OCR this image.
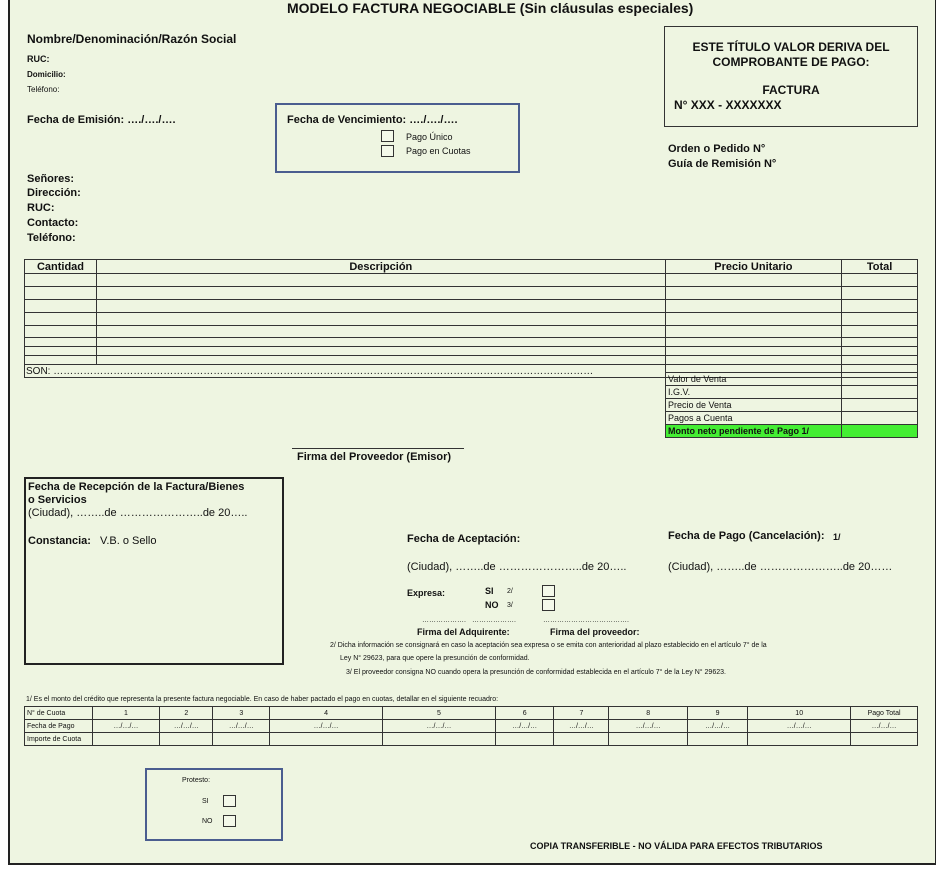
MODELO FACTURA NEGOCIABLE (Sin cláusulas especiales)
Nombre/Denominación/Razón Social
RUC:
Domicilio:
Teléfono:
ESTE TÍTULO VALOR DERIVA DEL
COMPROBANTE DE PAGO:
FACTURA
N° XXX - XXXXXXX
Fecha de Emisión: …./…./….	Fecha de Vencimiento: …./…./….
Pago Único
Pago en Cuotas	Orden o Pedido N°
Guía de Remisión N°
Señores:
Dirección:
RUC:
Contacto:
Teléfono:
Cantidad	Descripción	Precio Unitario	Total

SON: ………………………………………………………………………………………………………………………………………………			
Valor de Venta	
I.G.V.	
Precio de Venta	
Pagos a Cuenta	
Monto neto pendiente de Pago 1/	
Firma del Proveedor (Emisor)
Fecha de Recepción de la Factura/Bienes
o Servicios
(Ciudad), ……..de …………………..de 20…..
Constancia: V.B. o Sello	Fecha de Aceptación:
(Ciudad), ……..de …………………..de 20…..
Expresa:	SI 2/
NO 3/
………………. ……………….	……………………………….
Firma del Adquirente:	Firma del proveedor:
2/ Dicha información se consignará en caso la aceptación sea expresa o se emita con anterioridad al plazo establecido en el artículo 7° de la
Ley N° 29623, para que opere la presunción de conformidad.
3/ El proveedor consigna NO cuando opera la presunción de conformidad establecida en el artículo 7° de la Ley N° 29623.
Fecha de Pago (Cancelación): 1/
(Ciudad), ……..de …………………..de 20……
1/ Es el monto del crédito que representa la presente factura negociable. En caso de haber pactado el pago en cuotas, detallar en el siguiente recuadro:
N° de Cuota	1	2	3	4	5	6	7	8	9	10	Pago Total
Fecha de Pago	…/…/…	…/…/…	…/…/…	…/…/…	…/…/…	…/…/…	…/…/…	…/…/…	…/…/…	…/…/…	…/…/…
Importe de Cuota											
Protesto:
SI
NO
COPIA TRANSFERIBLE - NO VÁLIDA PARA EFECTOS TRIBUTARIOS
